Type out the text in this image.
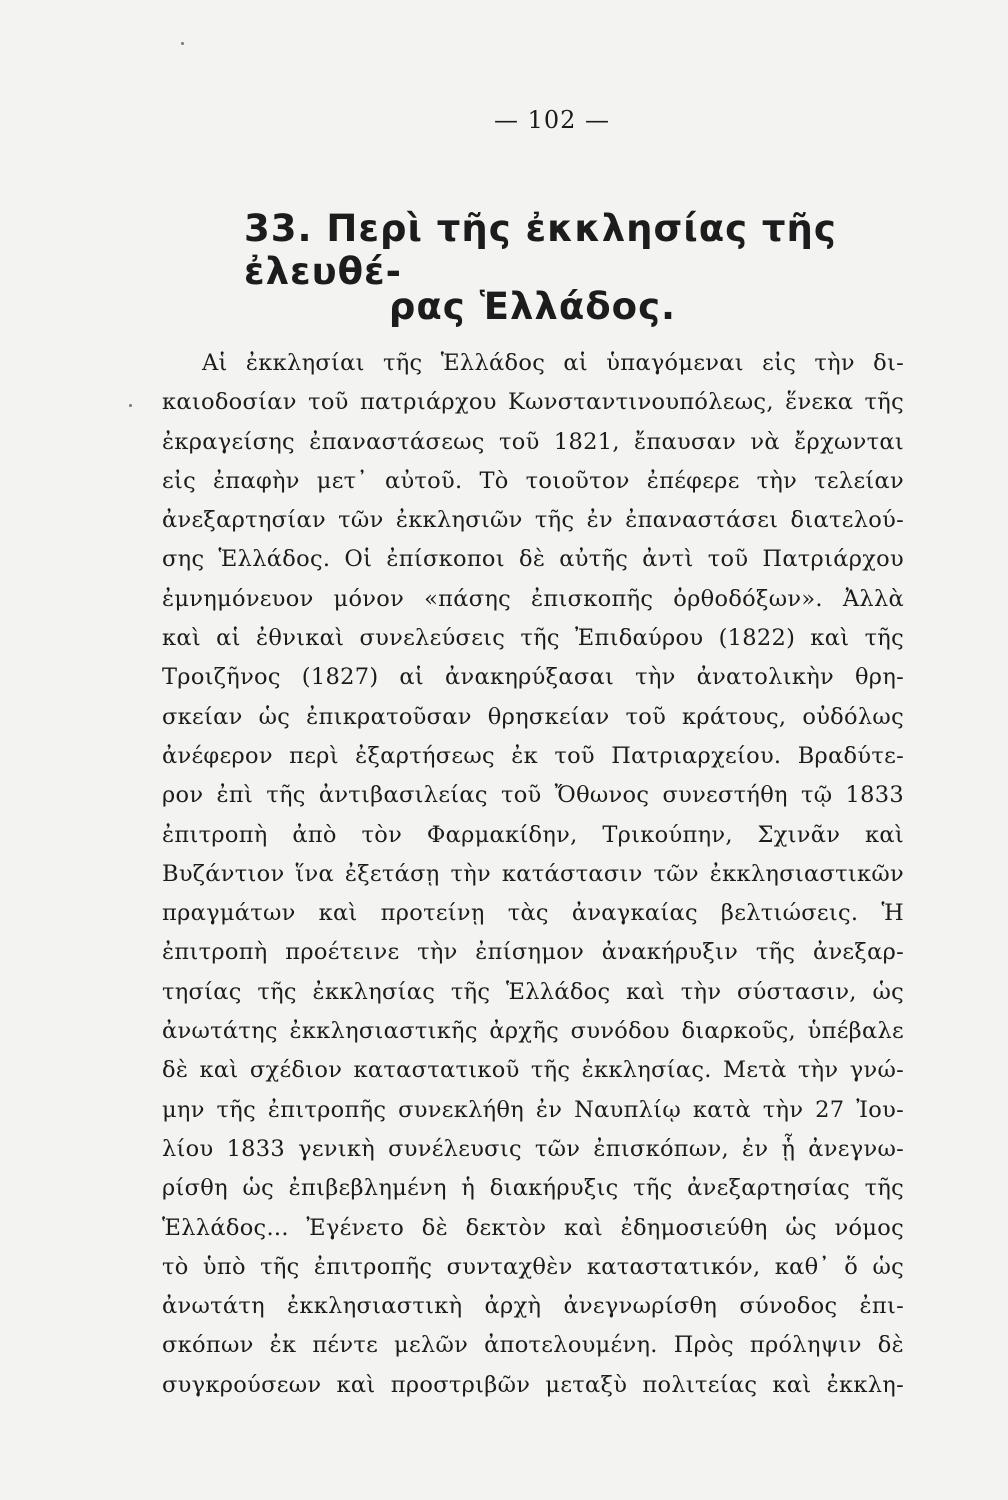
— 102 —
33. Περὶ τῆς ἐκκλησίας τῆς ἐλευθέ-
ρας Ἑλλάδος.
Αἱ ἐκκλησίαι τῆς Ἑλλάδος αἱ ὑπαγόμεναι εἰς τὴν δι-
καιοδοσίαν τοῦ πατριάρχου Κωνσταντινουπόλεως, ἕνεκα τῆς
ἐκραγείσης ἐπαναστάσεως τοῦ 1821, ἔπαυσαν νὰ ἔρχωνται
εἰς ἐπαφὴν μετ᾿ αὐτοῦ. Τὸ τοιοῦτον ἐπέφερε τὴν τελείαν
ἀνεξαρτησίαν τῶν ἐκκλησιῶν τῆς ἐν ἐπαναστάσει διατελού-
σης Ἑλλάδος. Οἱ ἐπίσκοποι δὲ αὐτῆς ἀντὶ τοῦ Πατριάρχου
ἐμνημόνευον μόνον «πάσης ἐπισκοπῆς ὀρθοδόξων». Ἀλλὰ
καὶ αἱ ἐθνικαὶ συνελεύσεις τῆς Ἐπιδαύρου (1822) καὶ τῆς
Τροιζῆνος (1827) αἱ ἀνακηρύξασαι τὴν ἀνατολικὴν θρη-
σκείαν ὡς ἐπικρατοῦσαν θρησκείαν τοῦ κράτους, οὐδόλως
ἀνέφερον περὶ ἐξαρτήσεως ἐκ τοῦ Πατριαρχείου. Βραδύτε-
ρον ἐπὶ τῆς ἀντιβασιλείας τοῦ Ὄθωνος συνεστήθη τῷ 1833
ἐπιτροπὴ ἀπὸ τὸν Φαρμακίδην, Τρικούπην, Σχινᾶν καὶ
Βυζάντιον ἵνα ἐξετάσῃ τὴν κατάστασιν τῶν ἐκκλησιαστικῶν
πραγμάτων καὶ προτείνῃ τὰς ἀναγκαίας βελτιώσεις. Ἡ
ἐπιτροπὴ προέτεινε τὴν ἐπίσημον ἀνακήρυξιν τῆς ἀνεξαρ-
τησίας τῆς ἐκκλησίας τῆς Ἑλλάδος καὶ τὴν σύστασιν, ὡς
ἀνωτάτης ἐκκλησιαστικῆς ἀρχῆς συνόδου διαρκοῦς, ὑπέβαλε
δὲ καὶ σχέδιον καταστατικοῦ τῆς ἐκκλησίας. Μετὰ τὴν γνώ-
μην τῆς ἐπιτροπῆς συνεκλήθη ἐν Ναυπλίῳ κατὰ τὴν 27 Ἰου-
λίου 1833 γενικὴ συνέλευσις τῶν ἐπισκόπων, ἐν ᾗ ἀνεγνω-
ρίσθη ὡς ἐπιβεβλημένη ἡ διακήρυξις τῆς ἀνεξαρτησίας τῆς
Ἑλλάδος... Ἐγένετο δὲ δεκτὸν καὶ ἐδημοσιεύθη ὡς νόμος
τὸ ὑπὸ τῆς ἐπιτροπῆς συνταχθὲν καταστατικόν, καθ᾿ ὅ ὡς
ἀνωτάτη ἐκκλησιαστικὴ ἀρχὴ ἀνεγνωρίσθη σύνοδος ἐπι-
σκόπων ἐκ πέντε μελῶν ἀποτελουμένη. Πρὸς πρόληψιν δὲ
συγκρούσεων καὶ προστριβῶν μεταξὺ πολιτείας καὶ ἐκκλη-
